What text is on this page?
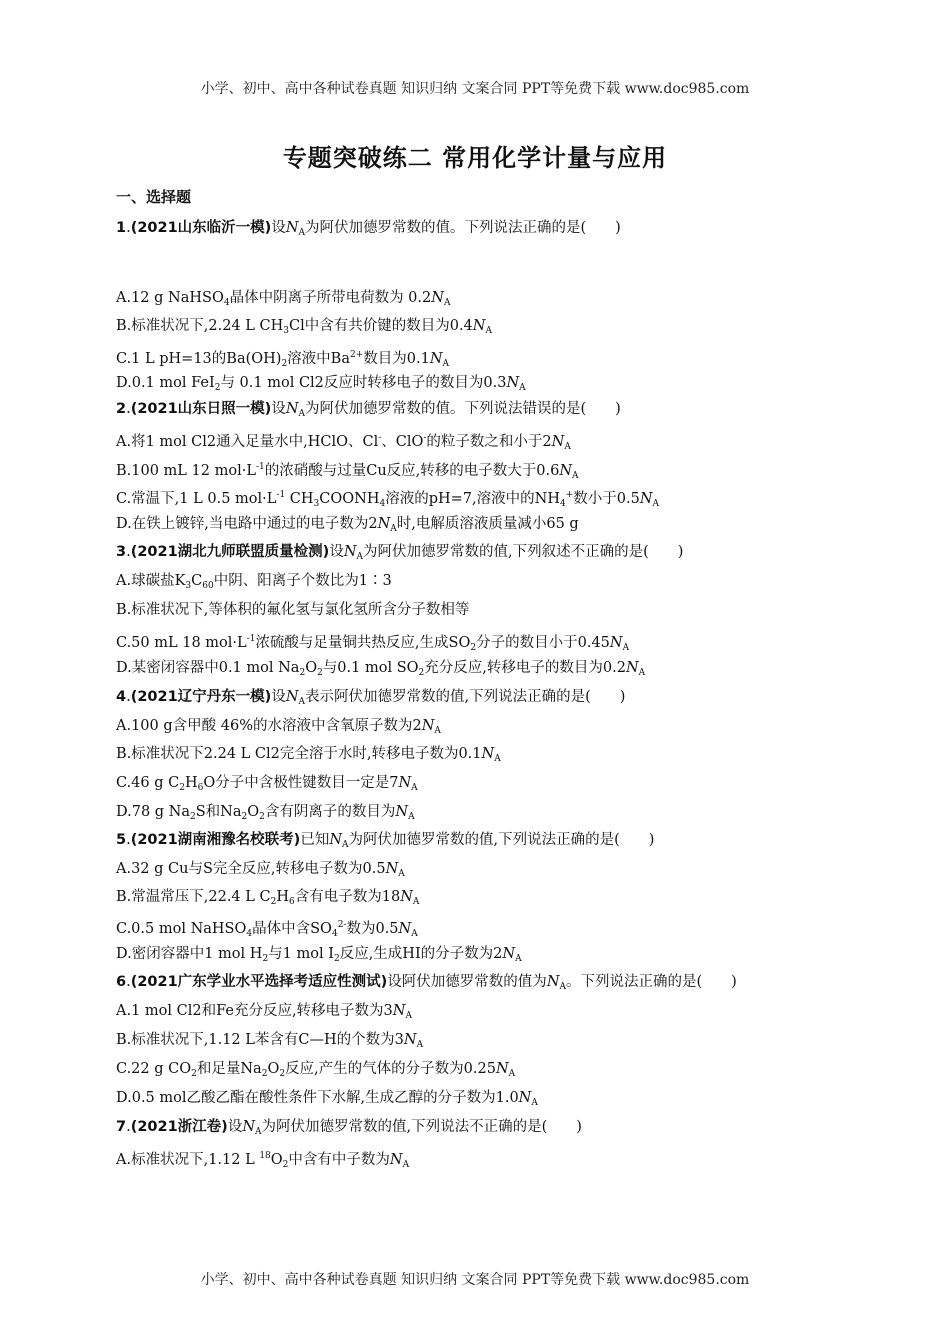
小学、初中、高中各种试卷真题 知识归纳 文案合同 PPT等免费下载 www.doc985.com
专题突破练二 常用化学计量与应用
一、选择题
1.(2021山东临沂一模)设$N_A$为阿伏加德罗常数的值。下列说法正确的是(　　)
A.12 g NaHSO$_4$晶体中阴离子所带电荷数为 $0.2N_A$
B.标准状况下,2.24 L $CH_3Cl$中含有共价键的数目为$0.4N_A$
C.1 L pH=13的$Ba(OH)_2$溶液中$Ba^{2+}$数目为$0.1N_A$
D.0.1 mol FeI$_2$与 0.1 mol Cl2反应时转移电子的数目为$0.3N_A$
2.(2021山东日照一模)设$N_A$为阿伏加德罗常数的值。下列说法错误的是(　　)
A.将1 mol Cl2通入足量水中,HClO、Cl-、ClO-的粒子数之和小于$2N_A$
B.100 mL 12 $mol\cdot L^{-1}$的浓硝酸与过量Cu反应,转移的电子数大于$0.6N_A$
C.常温下,1 L 0.5 $mol\cdot L^{-1}$ $CH_3COONH_4$溶液的pH=7,溶液中的$NH_4^+$数小于$0.5N_A$
D.在铁上镀锌,当电路中通过的电子数为$2N_A$时,电解质溶液质量减小65 g
3.(2021湖北九师联盟质量检测)设$N_A$为阿伏加德罗常数的值,下列叙述不正确的是(　　)
A.球碳盐$K_3C_{60}$中阴、阳离子个数比为1∶3
B.标准状况下,等体积的氟化氢与氯化氢所含分子数相等
C.50 mL 18 $mol\cdot L^{-1}$浓硫酸与足量铜共热反应,生成$SO_2$分子的数目小于$0.45N_A$
D.某密闭容器中0.1 mol $Na_2O_2$与0.1 mol $SO_2$充分反应,转移电子的数目为$0.2N_A$
4.(2021辽宁丹东一模)设$N_A$表示阿伏加德罗常数的值,下列说法正确的是(　　)
A.100 g含甲酸 46%的水溶液中含氧原子数为$2N_A$
B.标准状况下2.24 L Cl2完全溶于水时,转移电子数为$0.1N_A$
C.46 g $C_2H_6O$分子中含极性键数目一定是$7N_A$
D.78 g $Na_2S$和$Na_2O_2$含有阴离子的数目为$N_A$
5.(2021湖南湘豫名校联考)已知$N_A$为阿伏加德罗常数的值,下列说法正确的是(　　)
A.32 g Cu与S完全反应,转移电子数为$0.5N_A$
B.常温常压下,22.4 L $C_2H_6$含有电子数为$18N_A$
C.0.5 mol NaHSO$_4$晶体中含$SO_4^{2-}$数为$0.5N_A$
D.密闭容器中1 mol $H_2$与1 mol $I_2$反应,生成HI的分子数为$2N_A$
6.(2021广东学业水平选择考适应性测试)设阿伏加德罗常数的值为$N_A$。下列说法正确的是(　　)
A.1 mol Cl2和Fe充分反应,转移电子数为$3N_A$
B.标准状况下,1.12 L苯含有C—H的个数为$3N_A$
C.22 g $CO_2$和足量$Na_2O_2$反应,产生的气体的分子数为$0.25N_A$
D.0.5 mol乙酸乙酯在酸性条件下水解,生成乙醇的分子数为$1.0N_A$
7.(2021浙江卷)设$N_A$为阿伏加德罗常数的值,下列说法不正确的是(　　)
A.标准状况下,1.12 L $^{18}O_2$中含有中子数为$N_A$
小学、初中、高中各种试卷真题 知识归纳 文案合同 PPT等免费下载 www.doc985.com
